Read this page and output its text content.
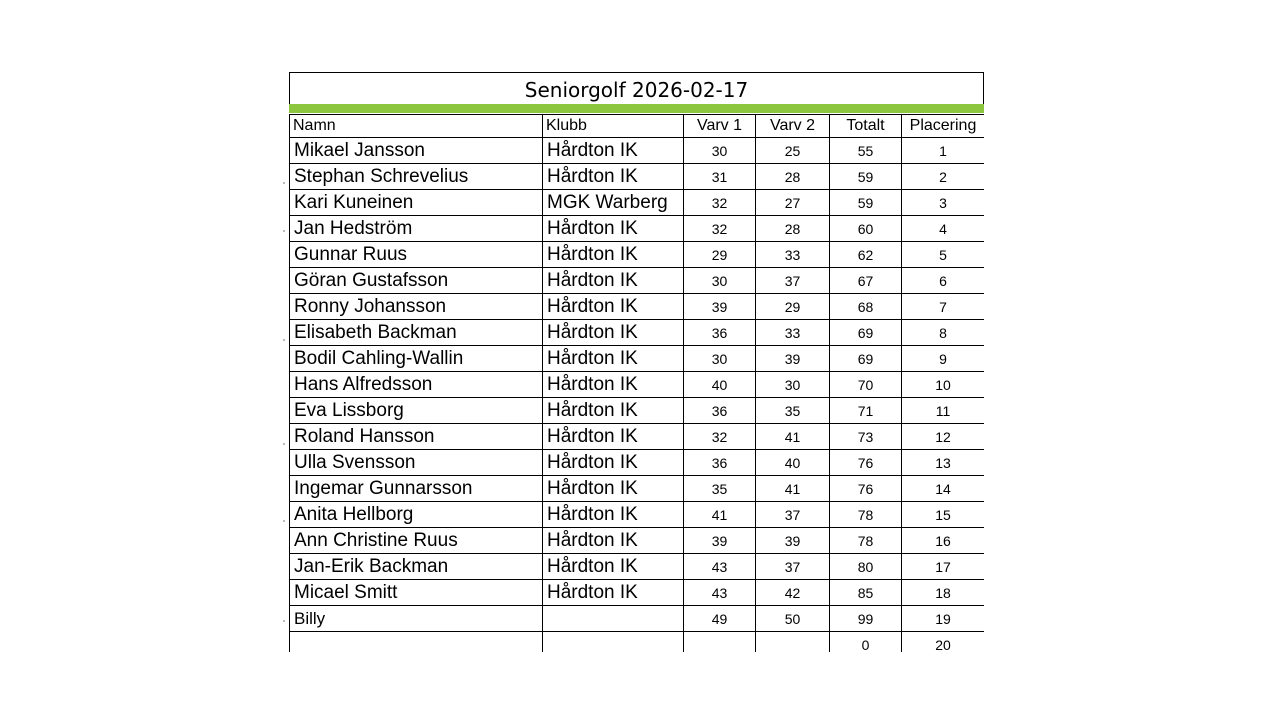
Seniorgolf 2026-02-17
Namn	Klubb	Varv 1	Varv 2	Totalt	Placering
Mikael Jansson	Hårdton IK	30	25	55	1
Stephan Schrevelius	Hårdton IK	31	28	59	2
Kari Kuneinen	MGK Warberg	32	27	59	3
Jan Hedström	Hårdton IK	32	28	60	4
Gunnar Ruus	Hårdton IK	29	33	62	5
Göran Gustafsson	Hårdton IK	30	37	67	6
Ronny Johansson	Hårdton IK	39	29	68	7
Elisabeth Backman	Hårdton IK	36	33	69	8
Bodil Cahling-Wallin	Hårdton IK	30	39	69	9
Hans Alfredsson	Hårdton IK	40	30	70	10
Eva Lissborg	Hårdton IK	36	35	71	11
Roland Hansson	Hårdton IK	32	41	73	12
Ulla Svensson	Hårdton IK	36	40	76	13
Ingemar Gunnarsson	Hårdton IK	35	41	76	14
Anita Hellborg	Hårdton IK	41	37	78	15
Ann Christine Ruus	Hårdton IK	39	39	78	16
Jan-Erik Backman	Hårdton IK	43	37	80	17
Micael Smitt	Hårdton IK	43	42	85	18
Billy		49	50	99	19
				0	20
